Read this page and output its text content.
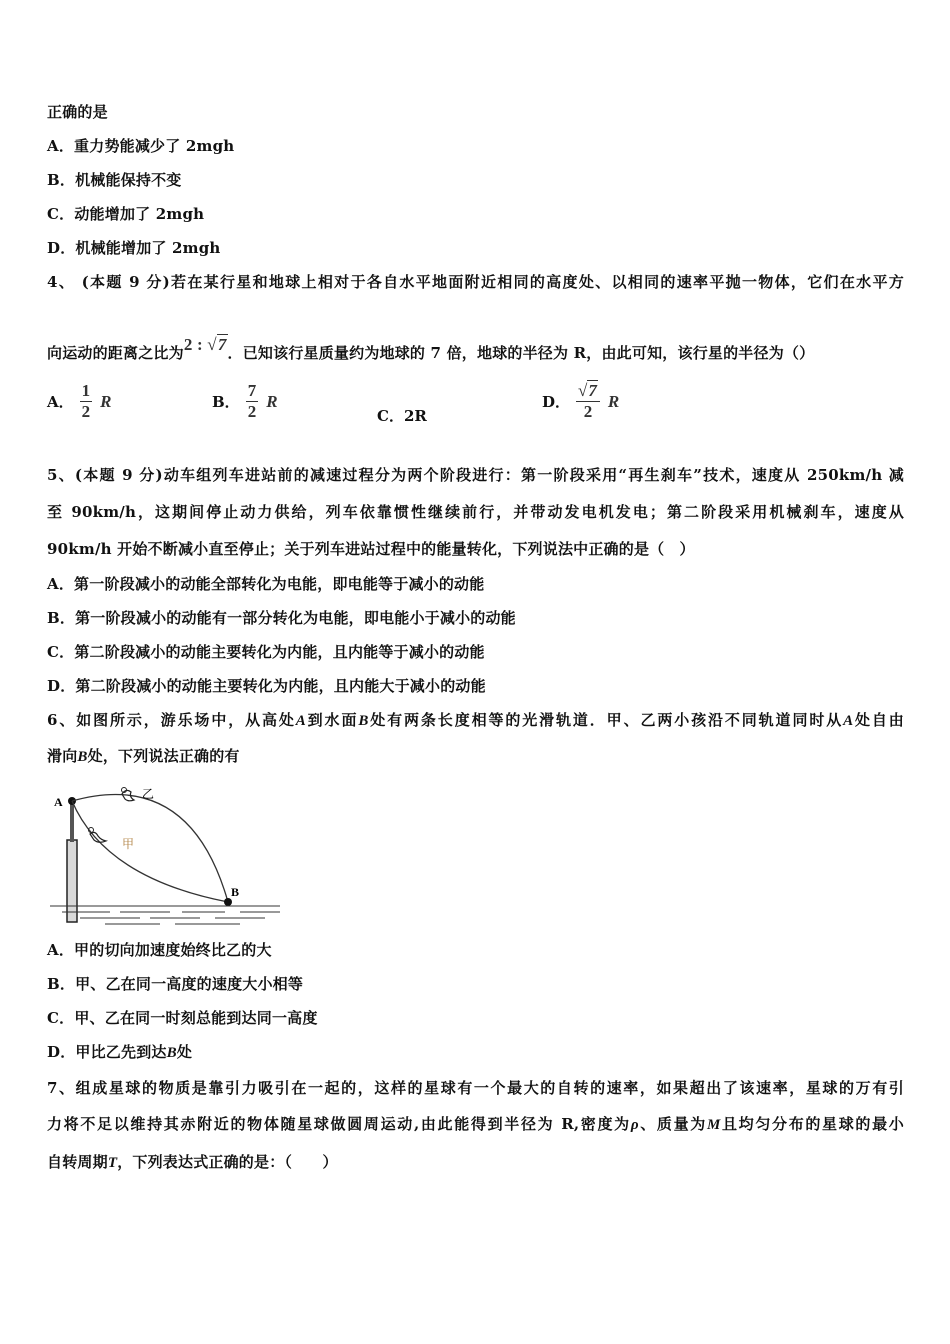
正确的是
A．重力势能减少了 2mgh
B．机械能保持不变
C．动能增加了 2mgh
D．机械能增加了 2mgh
4、 (本题 9 分)若在某行星和地球上相对于各自水平地面附近相同的高度处、以相同的速率平抛一物体，它们在水平方
向运动的距离之比为2 : √7．已知该行星质量约为地球的 7 倍，地球的半径为 R，由此可知，该行星的半径为（）
A． $\frac{1}{2}$ R	B． $\frac{7}{2}$ R
C．2R
D． $\frac{√7}{2}$ R
5、(本题 9 分)动车组列车进站前的减速过程分为两个阶段进行：第一阶段采用“再生刹车”技术，速度从 250km/h 减
至 90km/h，这期间停止动力供给，列车依靠惯性继续前行，并带动发电机发电；第二阶段采用机械刹车，速度从
90km/h 开始不断减小直至停止；关于列车进站过程中的能量转化，下列说法中正确的是（　）
A．第一阶段减小的动能全部转化为电能，即电能等于减小的动能
B．第一阶段减小的动能有一部分转化为电能，即电能小于减小的动能
C．第二阶段减小的动能主要转化为内能，且内能等于减小的动能
D．第二阶段减小的动能主要转化为内能，且内能大于减小的动能
6、如图所示，游乐场中，从高处A到水面B处有两条长度相等的光滑轨道．甲、乙两小孩沿不同轨道同时从A处自由
滑向B处，下列说法正确的有
A
B
乙
甲
A．甲的切向加速度始终比乙的大
B．甲、乙在同一高度的速度大小相等
C．甲、乙在同一时刻总能到达同一高度
D．甲比乙先到达B处
7、组成星球的物质是靠引力吸引在一起的，这样的星球有一个最大的自转的速率，如果超出了该速率，星球的万有引
力将不足以维持其赤附近的物体随星球做圆周运动,由此能得到半径为 R,密度为ρ、质量为M且均匀分布的星球的最小
自转周期T，下列表达式正确的是：（　　）
